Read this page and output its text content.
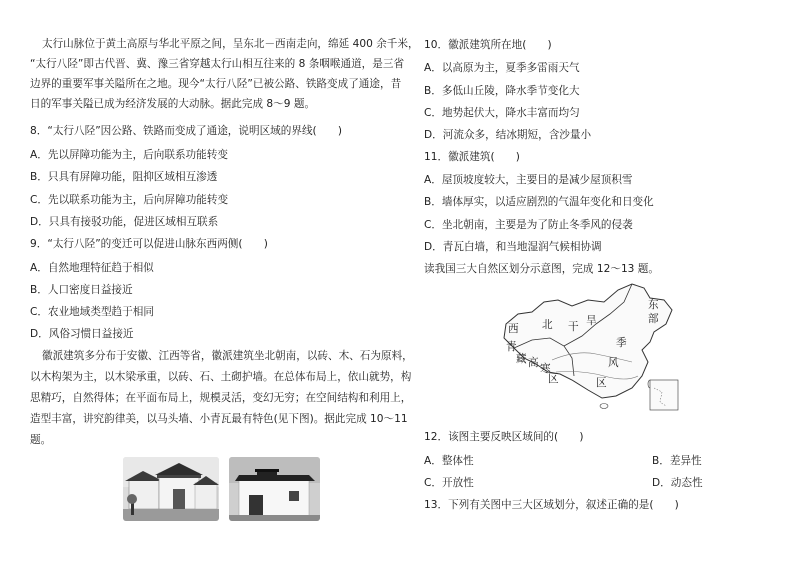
太行山脉位于黄土高原与华北平原之间，呈东北－西南走向，绵延 400 余千米，
“太行八陉”即古代晋、冀、豫三省穿越太行山相互往来的 8 条咽喉通道，是三省
边界的重要军事关隘所在之地。现今“太行八陉”已被公路、铁路变成了通途，昔
日的军事关隘已成为经济发展的大动脉。据此完成 8～9 题。
8．“太行八陉”因公路、铁路而变成了通途，说明区域的界线(　　)
A．先以屏障功能为主，后向联系功能转变
B．只具有屏障功能，阻抑区域相互渗透
C．先以联系功能为主，后向屏障功能转变
D．只具有接驳功能，促进区域相互联系
9．“太行八陉”的变迁可以促进山脉东西两侧(　　)
A．自然地理特征趋于相似
B．人口密度日益接近
C．农业地域类型趋于相同
D．风俗习惯日益接近
徽派建筑多分布于安徽、江西等省，徽派建筑坐北朝南，以砖、木、石为原料，
以木构架为主，以木梁承重，以砖、石、土砌护墙。在总体布局上，依山就势，构
思精巧，自然得体；在平面布局上，规模灵活，变幻无穷；在空间结构和利用上，
造型丰富，讲究韵律美，以马头墙、小青瓦最有特色(见下图)。据此完成 10～11
题。
10．徽派建筑所在地(　　)
A．以高原为主，夏季多雷雨天气
B．多低山丘陵，降水季节变化大
C．地势起伏大，降水丰富而均匀
D．河流众多，结冰期短，含沙量小
11．徽派建筑(　　)
A．屋顶坡度较大，主要目的是减少屋顶积雪
B．墙体厚实，以适应剧烈的气温年变化和日变化
C．坐北朝南，主要是为了防止冬季风的侵袭
D．青瓦白墙，和当地湿润气候相协调
读我国三大自然区划分示意图，完成 12～13 题。
12．该图主要反映区域间的(　　)
A．整体性	B．差异性
C．开放性	D．动态性
13．下列有关图中三大区域划分，叙述正确的是(　　)
西 北 干 旱
青
藏 高 寒
区
东
部
季
风
区
